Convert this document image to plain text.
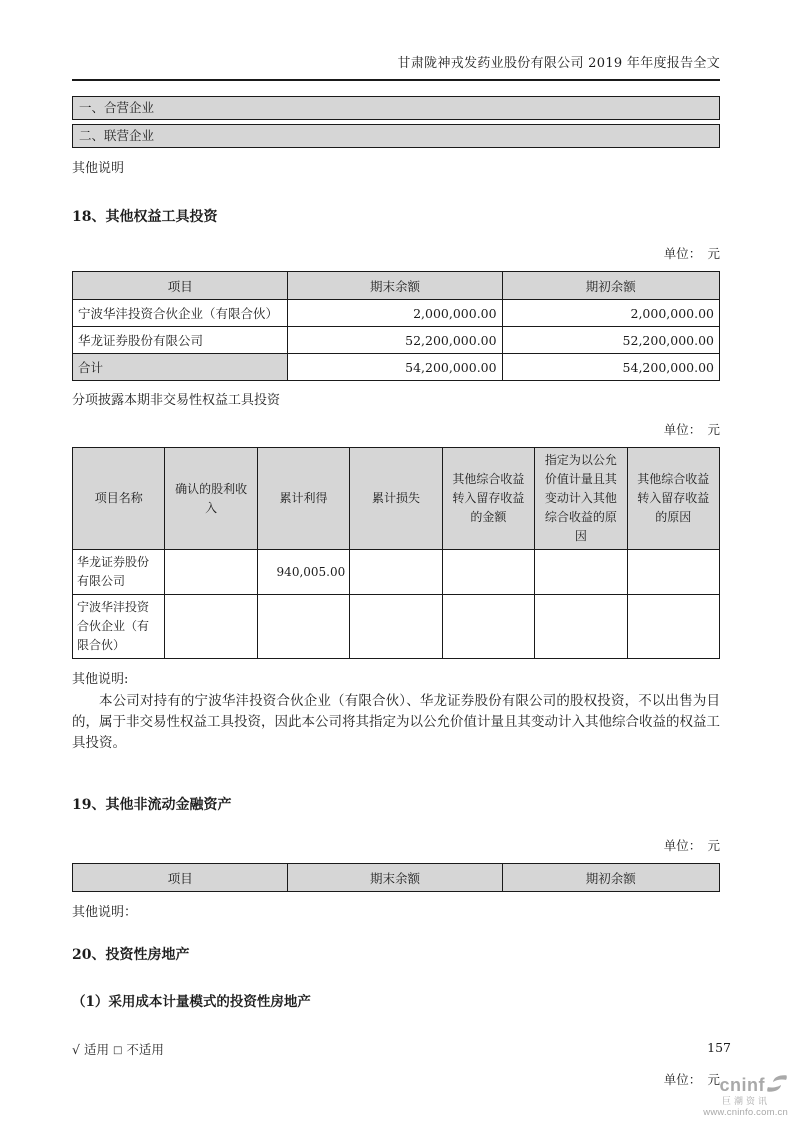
甘肃陇神戎发药业股份有限公司 2019 年年度报告全文
一、合营企业
二、联营企业
其他说明
18、其他权益工具投资
单位：　元
项目	期末余额	期初余额
宁波华沣投资合伙企业（有限合伙）	2,000,000.00	2,000,000.00
华龙证券股份有限公司	52,200,000.00	52,200,000.00
合计	54,200,000.00	54,200,000.00
分项披露本期非交易性权益工具投资
单位：　元
项目名称	确认的股利收入	累计利得	累计损失	其他综合收益转入留存收益的金额	指定为以公允价值计量且其变动计入其他综合收益的原因	其他综合收益转入留存收益的原因
华龙证券股份有限公司		940,005.00				
宁波华沣投资合伙企业（有限合伙）						
其他说明:

本公司对持有的宁波华沣投资合伙企业（有限合伙）、华龙证券股份有限公司的股权投资，不以出售为目的，属于非交易性权益工具投资，因此本公司将其指定为以公允价值计量且其变动计入其他综合收益的权益工具投资。

19、其他非流动金融资产
单位：　元
项目	期末余额	期初余额
其他说明：
20、投资性房地产
（1）采用成本计量模式的投资性房地产
√ 适用 □ 不适用
单位：　元
157
cninf
巨潮资讯
www.cninfo.com.cn
